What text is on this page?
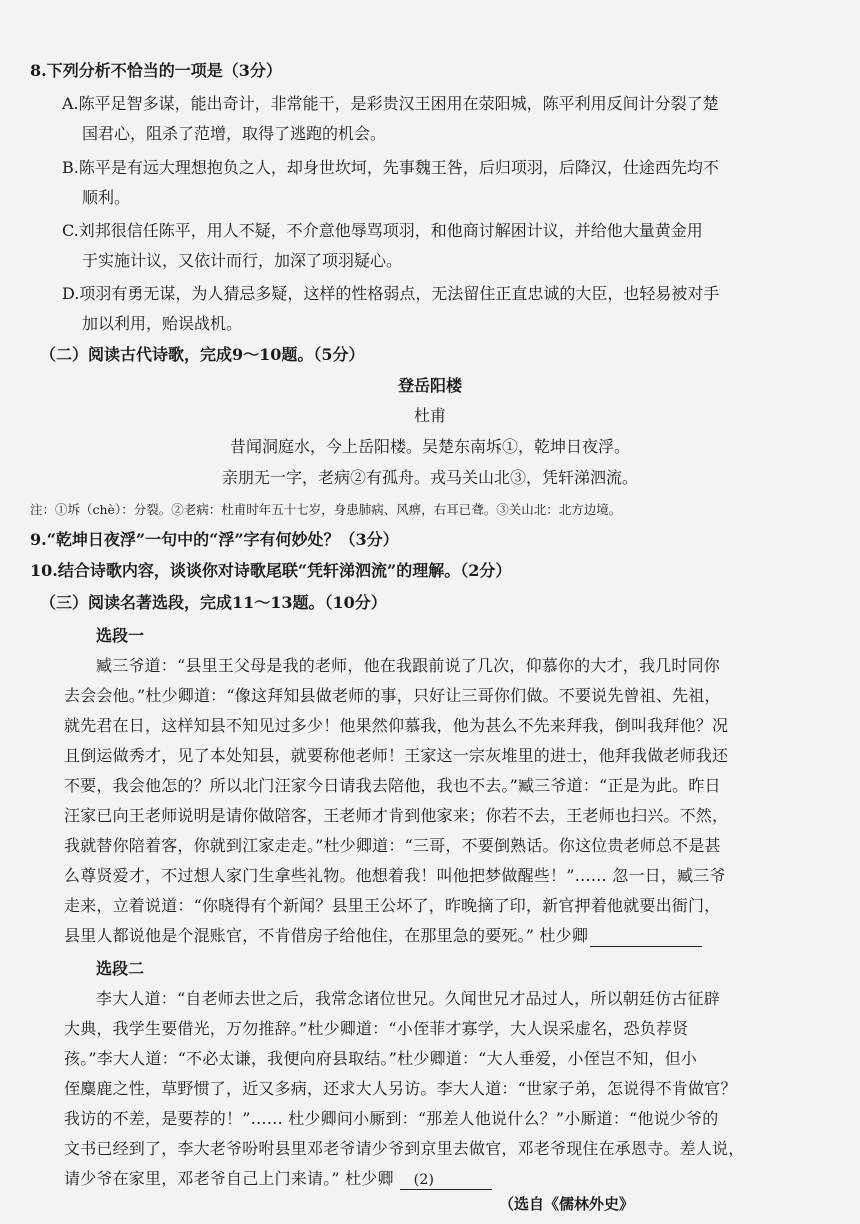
8.下列分析不恰当的一项是（3分）
A.陈平足智多谋，能出奇计，非常能干，是彩贵汉王困用在荥阳城，陈平利用反间计分裂了楚
国君心，阻杀了范增，取得了逃跑的机会。
B.陈平是有远大理想抱负之人，却身世坎坷，先事魏王咎，后归项羽，后降汉，仕途西先均不
顺利。
C.刘邦很信任陈平，用人不疑，不介意他辱骂项羽，和他商讨解困计议，并给他大量黄金用
于实施计议，又依计而行，加深了项羽疑心。
D.项羽有勇无谋，为人猜忌多疑，这样的性格弱点，无法留住正直忠诚的大臣，也轻易被对手
加以利用，贻误战机。
（二）阅读古代诗歌，完成9～10题。（5分）
登岳阳楼
杜甫
昔闻洞庭水，今上岳阳楼。吴楚东南坼①，乾坤日夜浮。
亲朋无一字，老病②有孤舟。戎马关山北③，凭轩涕泗流。
注：①坼（chè）：分裂。②老病：杜甫时年五十七岁，身患肺病、风痹，右耳已聋。③关山北：北方边境。
9.“乾坤日夜浮”一句中的“浮”字有何妙处？（3分）
10.结合诗歌内容，谈谈你对诗歌尾联“凭轩涕泗流”的理解。（2分）
（三）阅读名著选段，完成11～13题。（10分）
选段一
臧三爷道：“县里王父母是我的老师，他在我跟前说了几次，仰慕你的大才，我几时同你
去会会他。”杜少卿道：“像这拜知县做老师的事，只好让三哥你们做。不要说先曾祖、先祖，
就先君在日，这样知县不知见过多少！他果然仰慕我，他为甚么不先来拜我，倒叫我拜他？况
且倒运做秀才，见了本处知县，就要称他老师！王家这一宗灰堆里的进士，他拜我做老师我还
不要，我会他怎的？所以北门汪家今日请我去陪他，我也不去。”臧三爷道：“正是为此。昨日
汪家已向王老师说明是请你做陪客，王老师才肯到他家来；你若不去，王老师也扫兴。不然，
我就替你陪着客，你就到江家走走。”杜少卿道：“三哥，不要倒熟话。你这位贵老师总不是甚
么尊贤爱才，不过想人家门生拿些礼物。他想着我！叫他把梦做醒些！”…… 忽一日，臧三爷
走来，立着说道：“你晓得有个新闻？县里王公坏了，昨晚摘了印，新官押着他就要出衙门，
县里人都说他是个混账官，不肯借房子给他住，在那里急的要死。” 杜少卿
选段二
李大人道：“自老师去世之后，我常念诸位世兄。久闻世兄才品过人，所以朝廷仿古征辟
大典，我学生要借光，万勿推辞。”杜少卿道：“小侄菲才寡学，大人误采虚名，恐负荐贤
孩。”李大人道：“不必太谦，我便向府县取结。”杜少卿道：“大人垂爱，小侄岂不知，但小
侄麋鹿之性，草野惯了，近又多病，还求大人另访。李大人道：“世家子弟，怎说得不肯做官？
我访的不差，是要荐的！”…… 杜少卿问小厮到：“那差人他说什么？”小厮道：“他说少爷的
文书已经到了，李大老爷吩咐县里邓老爷请少爷到京里去做官，邓老爷现住在承恩寺。差人说，
请少爷在家里，邓老爷自己上门来请。” 杜少卿 (2)
（选自《儒林外史》
